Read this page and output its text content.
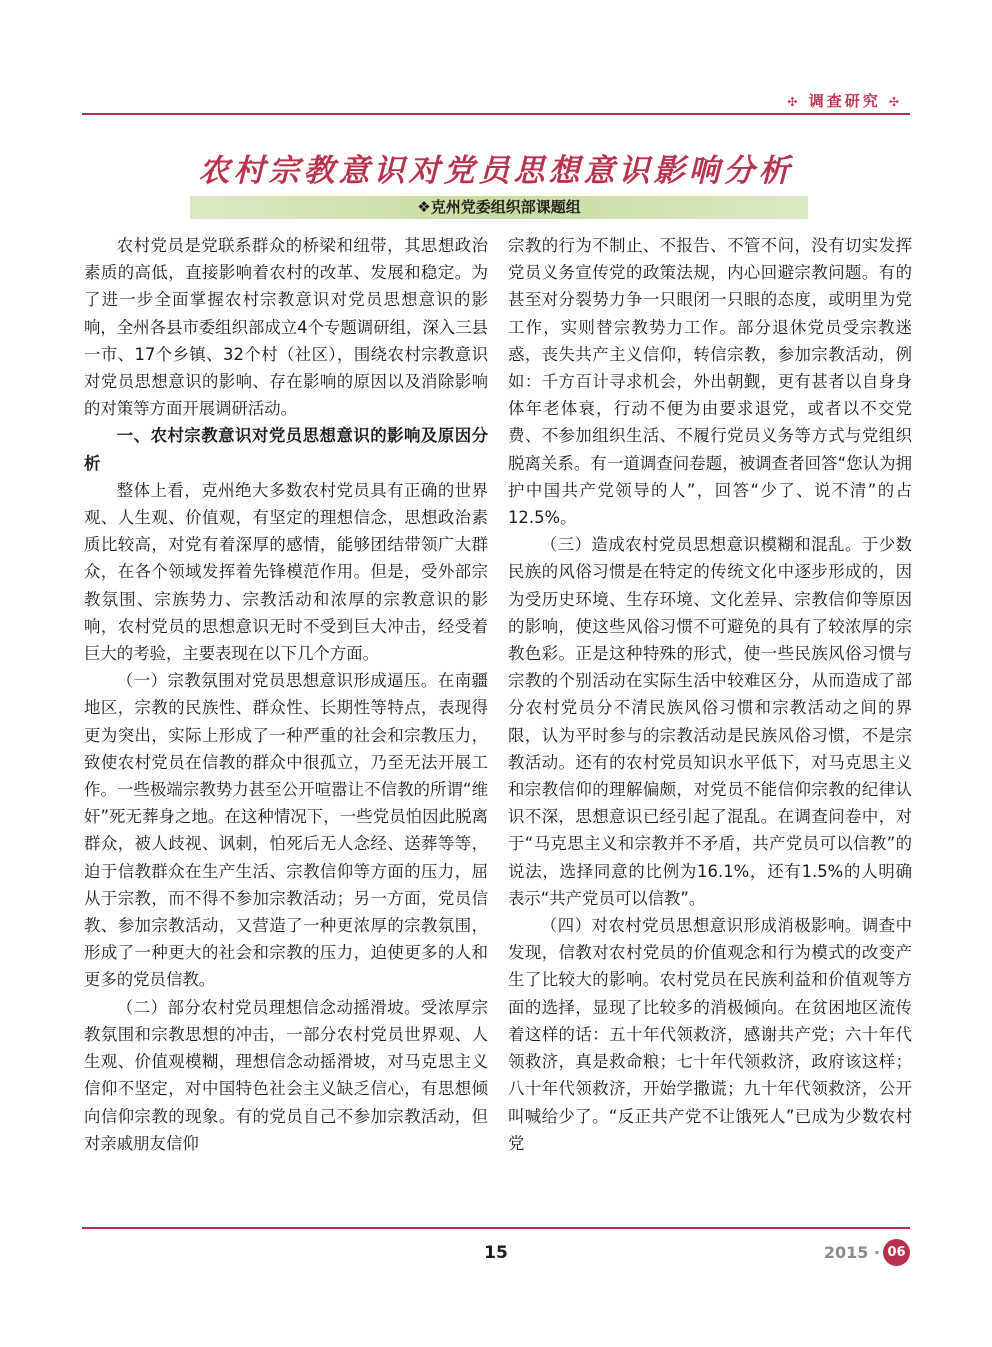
✣ 调查研究 ✣
农村宗教意识对党员思想意识影响分析
❖克州党委组织部课题组

农村党员是党联系群众的桥梁和纽带，其思想政治素质的高低，直接影响着农村的改革、发展和稳定。为了进一步全面掌握农村宗教意识对党员思想意识的影响，全州各县市委组织部成立4个专题调研组，深入三县一市、17个乡镇、32个村（社区），围绕农村宗教意识对党员思想意识的影响、存在影响的原因以及消除影响的对策等方面开展调研活动。

一、农村宗教意识对党员思想意识的影响及原因分析

整体上看，克州绝大多数农村党员具有正确的世界观、人生观、价值观，有坚定的理想信念，思想政治素质比较高，对党有着深厚的感情，能够团结带领广大群众，在各个领域发挥着先锋模范作用。但是，受外部宗教氛围、宗族势力、宗教活动和浓厚的宗教意识的影响，农村党员的思想意识无时不受到巨大冲击，经受着巨大的考验，主要表现在以下几个方面。

（一）宗教氛围对党员思想意识形成逼压。在南疆地区，宗教的民族性、群众性、长期性等特点，表现得更为突出，实际上形成了一种严重的社会和宗教压力，致使农村党员在信教的群众中很孤立，乃至无法开展工作。一些极端宗教势力甚至公开喧嚣让不信教的所谓“维奸”死无葬身之地。在这种情况下，一些党员怕因此脱离群众，被人歧视、讽刺，怕死后无人念经、送葬等等，迫于信教群众在生产生活、宗教信仰等方面的压力，屈从于宗教，而不得不参加宗教活动；另一方面，党员信教、参加宗教活动，又营造了一种更浓厚的宗教氛围，形成了一种更大的社会和宗教的压力，迫使更多的人和更多的党员信教。

（二）部分农村党员理想信念动摇滑坡。受浓厚宗教氛围和宗教思想的冲击，一部分农村党员世界观、人生观、价值观模糊，理想信念动摇滑坡，对马克思主义信仰不坚定，对中国特色社会主义缺乏信心，有思想倾向信仰宗教的现象。有的党员自己不参加宗教活动，但对亲戚朋友信仰

宗教的行为不制止、不报告、不管不问，没有切实发挥党员义务宣传党的政策法规，内心回避宗教问题。有的甚至对分裂势力争一只眼闭一只眼的态度，或明里为党工作，实则替宗教势力工作。部分退休党员受宗教迷惑，丧失共产主义信仰，转信宗教，参加宗教活动，例如：千方百计寻求机会，外出朝觐，更有甚者以自身身体年老体衰，行动不便为由要求退党，或者以不交党费、不参加组织生活、不履行党员义务等方式与党组织脱离关系。有一道调查问卷题，被调查者回答“您认为拥护中国共产党领导的人”，回答“少了、说不清”的占12.5%。

（三）造成农村党员思想意识模糊和混乱。于少数民族的风俗习惯是在特定的传统文化中逐步形成的，因为受历史环境、生存环境、文化差异、宗教信仰等原因的影响，使这些风俗习惯不可避免的具有了较浓厚的宗教色彩。正是这种特殊的形式，使一些民族风俗习惯与宗教的个别活动在实际生活中较难区分，从而造成了部分农村党员分不清民族风俗习惯和宗教活动之间的界限，认为平时参与的宗教活动是民族风俗习惯，不是宗教活动。还有的农村党员知识水平低下，对马克思主义和宗教信仰的理解偏颇，对党员不能信仰宗教的纪律认识不深，思想意识已经引起了混乱。在调查问卷中，对于“马克思主义和宗教并不矛盾，共产党员可以信教”的说法，选择同意的比例为16.1%，还有1.5%的人明确表示“共产党员可以信教”。

（四）对农村党员思想意识形成消极影响。调查中发现，信教对农村党员的价值观念和行为模式的改变产生了比较大的影响。农村党员在民族利益和价值观等方面的选择，显现了比较多的消极倾向。在贫困地区流传着这样的话：五十年代领救济，感谢共产党；六十年代领救济，真是救命粮；七十年代领救济，政府该这样；八十年代领救济，开始学撒谎；九十年代领救济，公开叫喊给少了。“反正共产党不让饿死人”已成为少数农村党

15	2015 · 06
